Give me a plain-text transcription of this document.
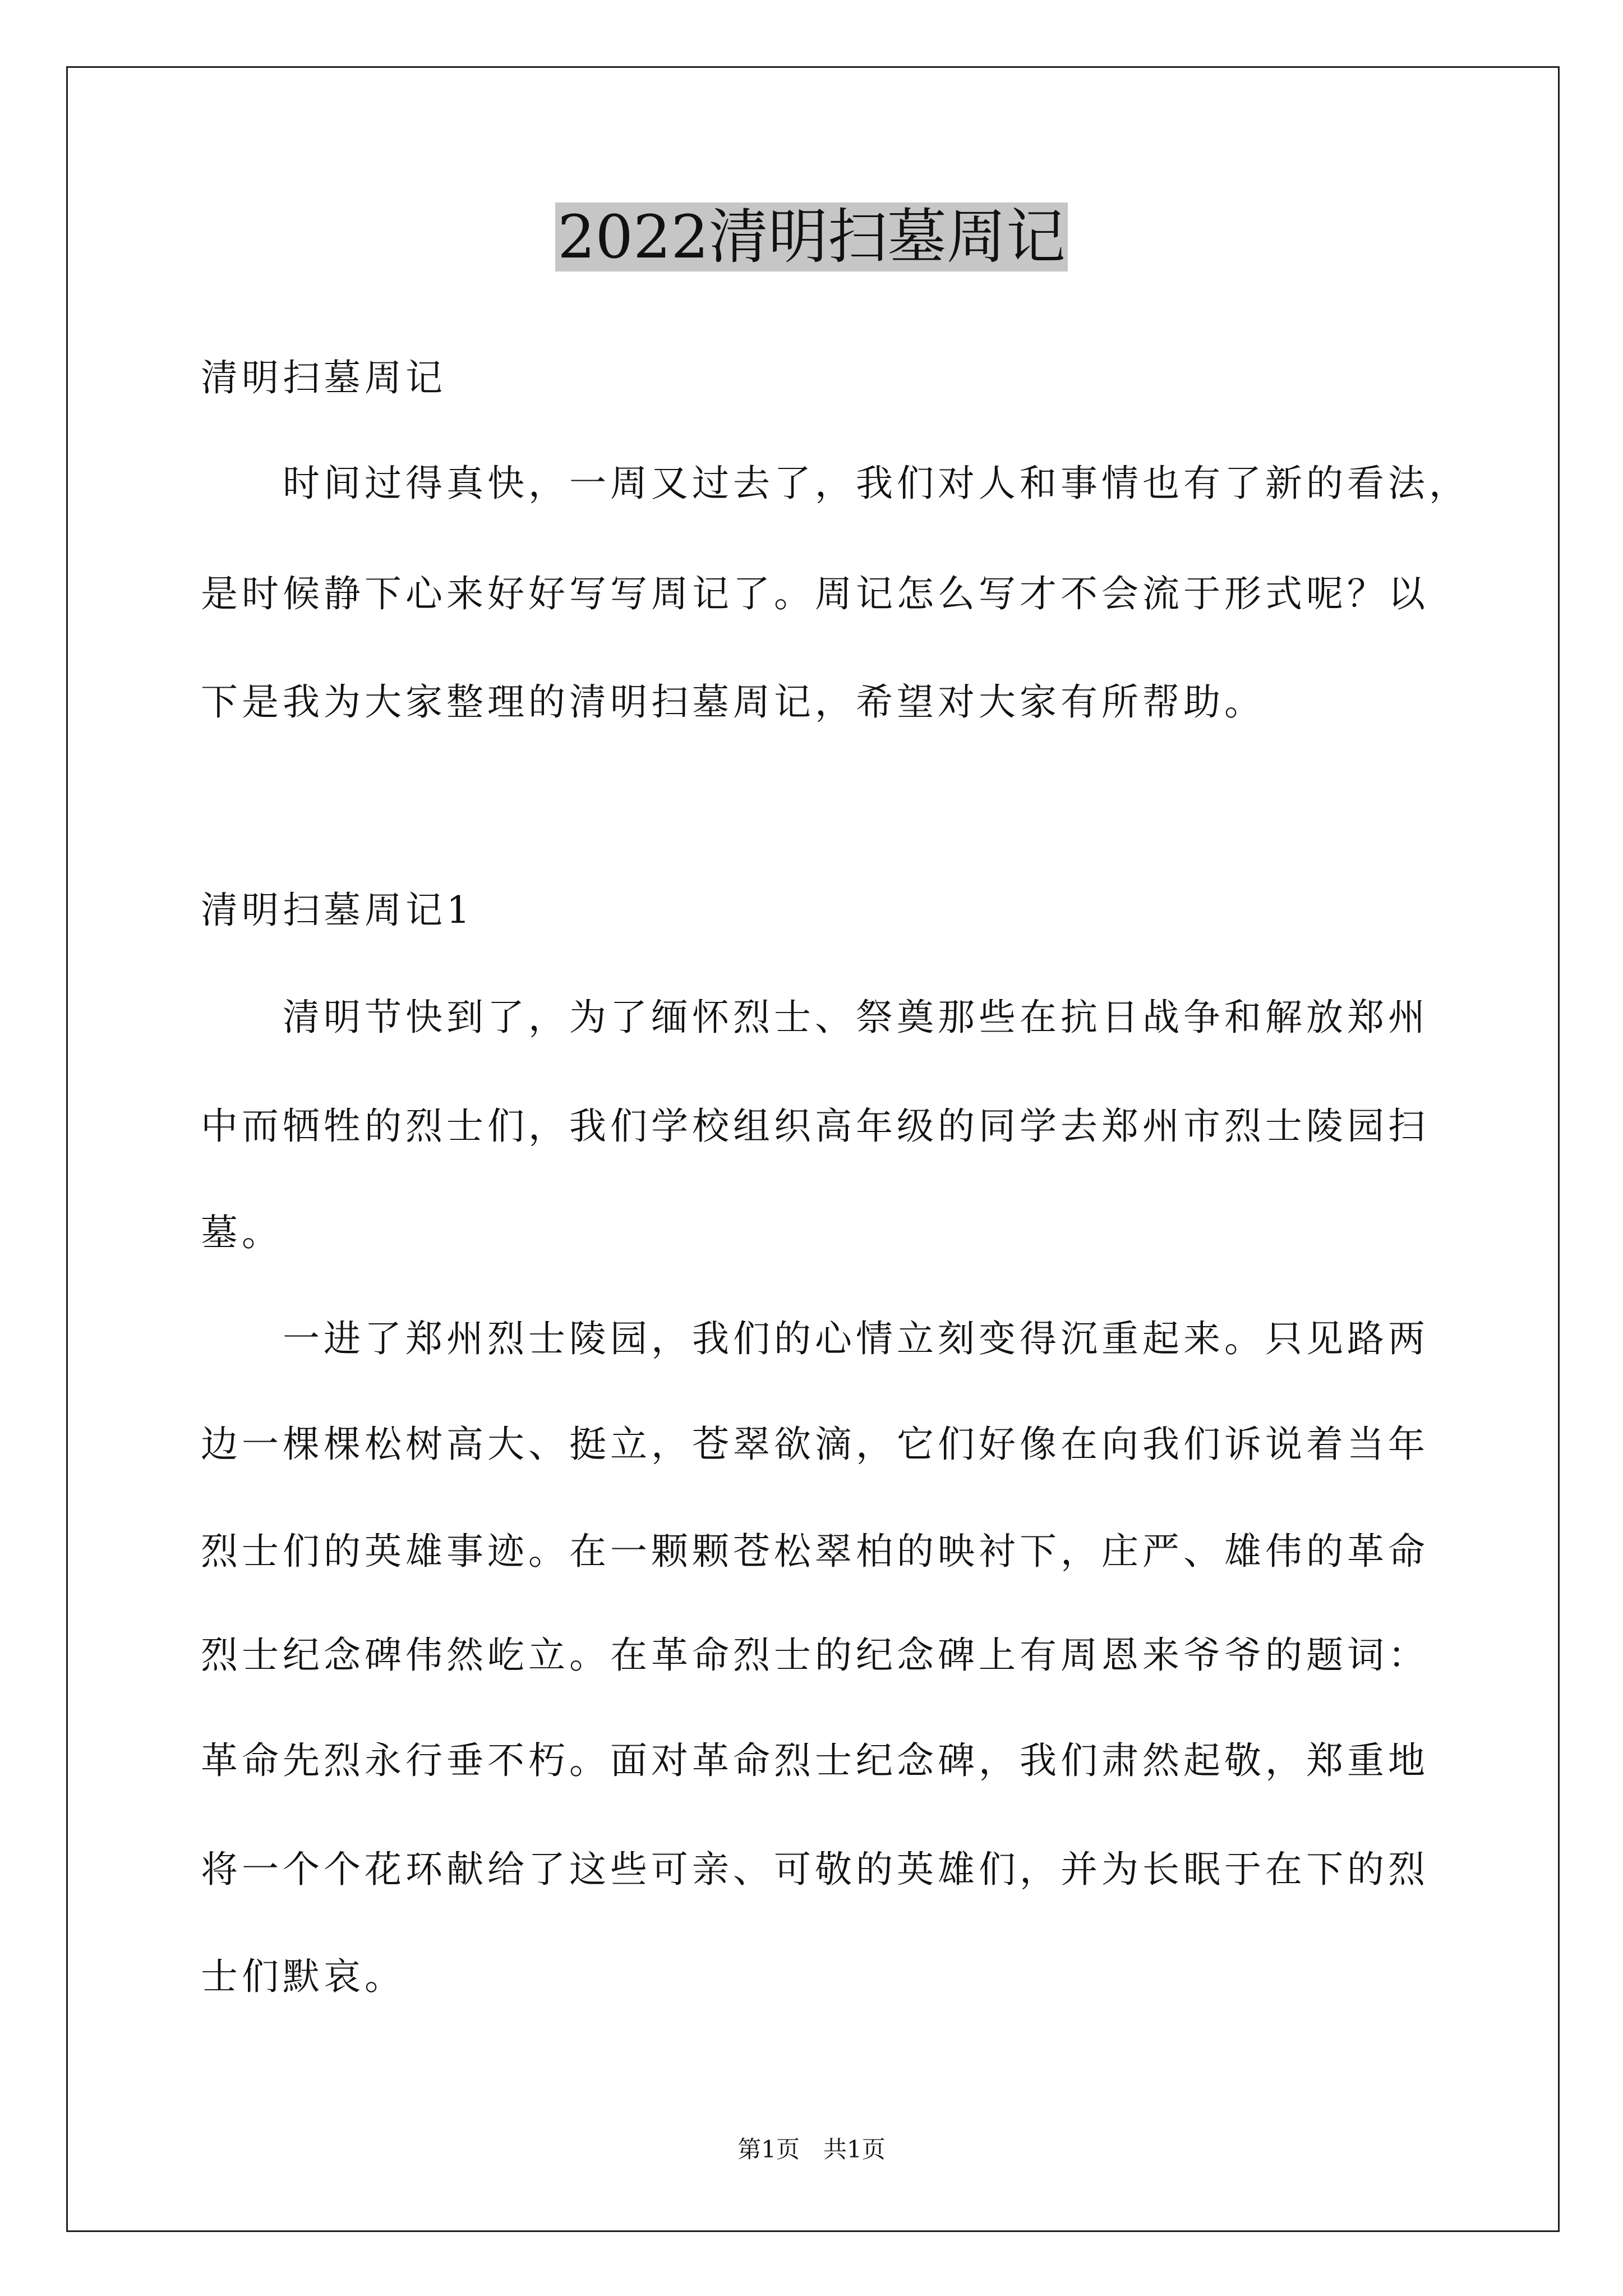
2022清明扫墓周记
清明扫墓周记
时间过得真快，一周又过去了，我们对人和事情也有了新的看法，
是时候静下心来好好写写周记了。周记怎么写才不会流于形式呢？以
下是我为大家整理的清明扫墓周记，希望对大家有所帮助。
清明扫墓周记1
清明节快到了，为了缅怀烈士、祭奠那些在抗日战争和解放郑州
中而牺牲的烈士们，我们学校组织高年级的同学去郑州市烈士陵园扫
墓。
一进了郑州烈士陵园，我们的心情立刻变得沉重起来。只见路两
边一棵棵松树高大、挺立，苍翠欲滴，它们好像在向我们诉说着当年
烈士们的英雄事迹。在一颗颗苍松翠柏的映衬下，庄严、雄伟的革命
烈士纪念碑伟然屹立。在革命烈士的纪念碑上有周恩来爷爷的题词：
革命先烈永行垂不朽。面对革命烈士纪念碑，我们肃然起敬，郑重地
将一个个花环献给了这些可亲、可敬的英雄们，并为长眠于在下的烈
士们默哀。
第1页　共1页
